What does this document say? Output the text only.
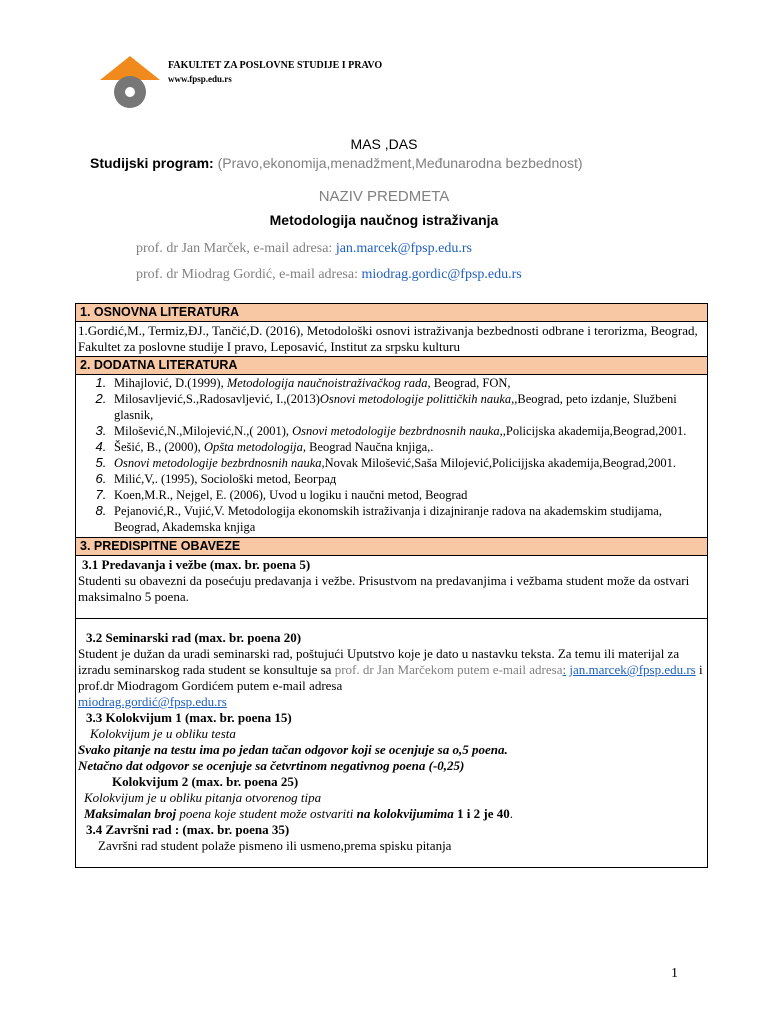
FAKULTET ZA POSLOVNE STUDIJE I PRAVO
www.fpsp.edu.rs
MAS ,DAS
Studijski program: (Pravo,ekonomija,menadžment,Međunarodna bezbednost)
NAZIV PREDMETA
Metodologija naučnog istraživanja
prof. dr Jan Marček, e-mail adresa: jan.marcek@fpsp.edu.rs
prof. dr Miodrag Gordić, e-mail adresa: miodrag.gordic@fpsp.edu.rs
1. OSNOVNA LITERATURA
1.Gordić,M., Termiz,ĐJ., Tančić,D. (2016), Metodološki osnovi istraživanja bezbednosti odbrane i terorizma, Beograd, Fakultet za poslovne studije I pravo, Leposavić, Institut za srpsku kulturu
2. DODATNA LITERATURA
1. Mihajlović, D.(1999), Metodologija naučnoistraživačkog rada, Beograd, FON,
2. Milosavljević,S.,Radosavljević, I.,(2013)Osnovi metodologije polittičkih nauka,,Beograd, peto izdanje, Službeni glasnik,
3. Milošević,N.,Milojević,N.,( 2001), Osnovi metodologije bezbrdnosnih nauka,,Policijska akademija,Beograd,2001.
4. Šešić, B., (2000), Opšta metodologija, Beograd Naučna knjiga,.
5. Osnovi metodologije bezbrdnosnih nauka,Novak Milošević,Saša Milojević,Policijjska akademija,Beograd,2001.
6. Milić,V,. (1995), Sociološki metod, Београд
7. Koen,M.R., Nejgel, E. (2006), Uvod u logiku i naučni metod, Beograd
8. Pejanović,R., Vujić,V. Metodologija ekonomskih istraživanja i dizajniranje radova na akademskim studijama, Beograd, Akademska knjiga
3. PREDISPITNE OBAVEZE
3.1 Predavanja i vežbe (max. br. poena 5)
Studenti su obavezni da posećuju predavanja i vežbe. Prisustvom na predavanjima i vežbama student može da ostvari maksimalno 5 poena.
3.2 Seminarski rad (max. br. poena 20)
Student je dužan da uradi seminarski rad, poštujući Uputstvo koje je dato u nastavku teksta. Za temu ili materijal za izradu seminarskog rada student se konsultuje sa prof. dr Jan Marčekom putem e-mail adresa: jan.marcek@fpsp.edu.rs i prof.dr Miodragom Gordićem putem e-mail adresa
miodrag.gordić@fpsp.edu.rs
3.3 Kolokvijum 1 (max. br. poena 15)
Kolokvijum je u obliku testa
Svako pitanje na testu ima po jedan tačan odgovor koji se ocenjuje sa o,5 poena.
Netačno dat odgovor se ocenjuje sa četvrtinom negativnog poena (-0,25)
Kolokvijum 2 (max. br. poena 25)
Kolokvijum je u obliku pitanja otvorenog tipa
Maksimalan broj poena koje student može ostvariti na kolokvijumima 1 i 2 je 40.
3.4 Završni rad : (max. br. poena 35)
Završni rad student polaže pismeno ili usmeno,prema spisku pitanja
1
